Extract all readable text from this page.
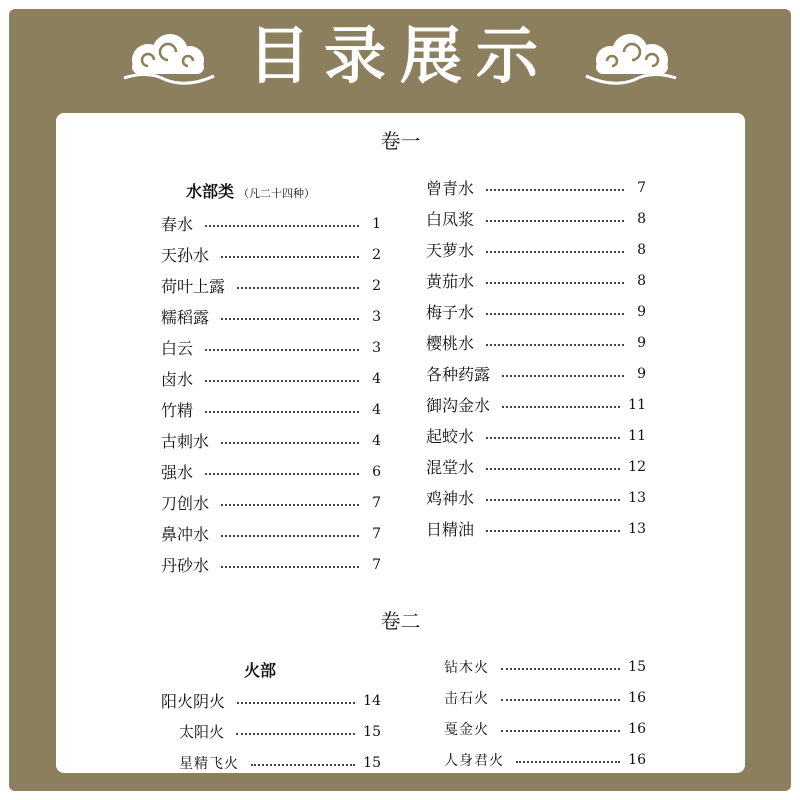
目录展示
卷一
水部类 （凡二十四种）
春水	1
天孙水	2
荷叶上露	2
糯稻露	3
白云	3
卤水	4
竹精	4
古刺水	4
强水	6
刀创水	7
鼻冲水	7
丹砂水	7
曾青水	7
白凤浆	8
天萝水	8
黄茄水	8
梅子水	9
樱桃水	9
各种药露	9
御沟金水	11
起蛟水	11
混堂水	12
鸡神水	13
日精油	13
卷二
火部
阳火阴火	14
太阳火	15
星精飞火	15
钻木火	15
击石火	16
戛金火	16
人身君火	16
